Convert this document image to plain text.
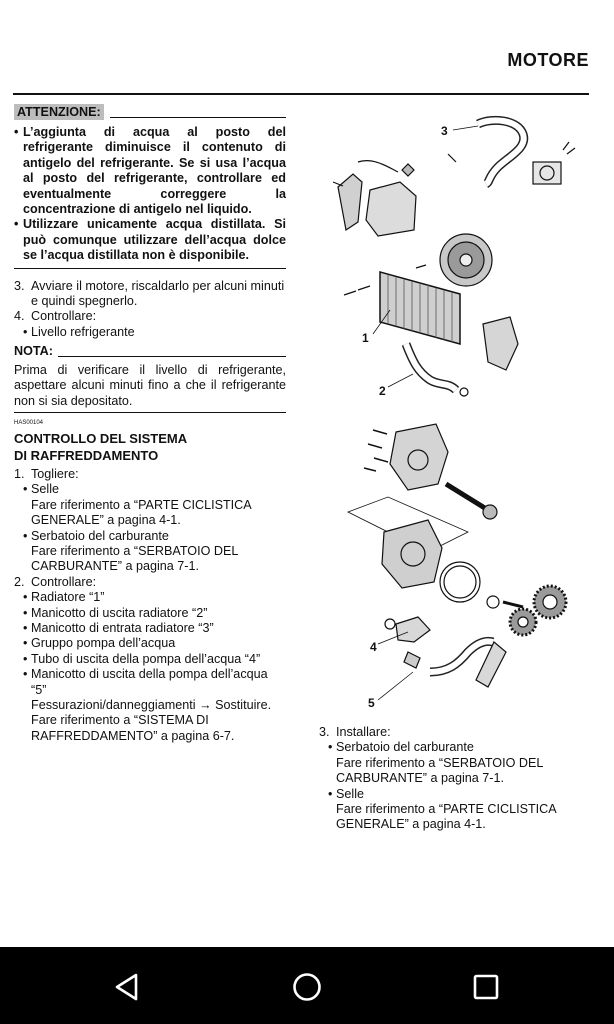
MOTORE
ATTENZIONE:
• L’aggiunta di acqua al posto del refrigerante diminuisce il contenuto di antigelo del refrigerante. Se si usa l’acqua al posto del refrigerante, controllare ed eventualmente correggere la concentrazione di antigelo nel liquido.
• Utilizzare unicamente acqua distillata. Si può comunque utilizzare dell’acqua dolce se l’acqua distillata non è disponibile.
3. Avviare il motore, riscaldarlo per alcuni minuti e quindi spegnerlo.
4. Controllare:
• Livello refrigerante
NOTA:
Prima di verificare il livello di refrigerante, aspettare alcuni minuti fino a che il refrigerante non si sia depositato.
HAS00104
CONTROLLO DEL SISTEMA
DI RAFFREDDAMENTO
1. Togliere:
• Selle
Fare riferimento a “PARTE CICLISTICA GENERALE” a pagina 4-1.
• Serbatoio del carburante
Fare riferimento a “SERBATOIO DEL CARBURANTE” a pagina 7-1.
2. Controllare:
• Radiatore “1”
• Manicotto di uscita radiatore “2”
• Manicotto di entrata radiatore “3”
• Gruppo pompa dell’acqua
• Tubo di uscita della pompa dell’acqua “4”
• Manicotto di uscita della pompa dell’acqua “5”
Fessurazioni/danneggiamenti → Sostituire.
Fare riferimento a “SISTEMA DI RAFFREDDAMENTO” a pagina 6-7.
3
1
2
4
5
3. Installare:
• Serbatoio del carburante
Fare riferimento a “SERBATOIO DEL CARBURANTE” a pagina 7-1.
• Selle
Fare riferimento a “PARTE CICLISTICA GENERALE” a pagina 4-1.
